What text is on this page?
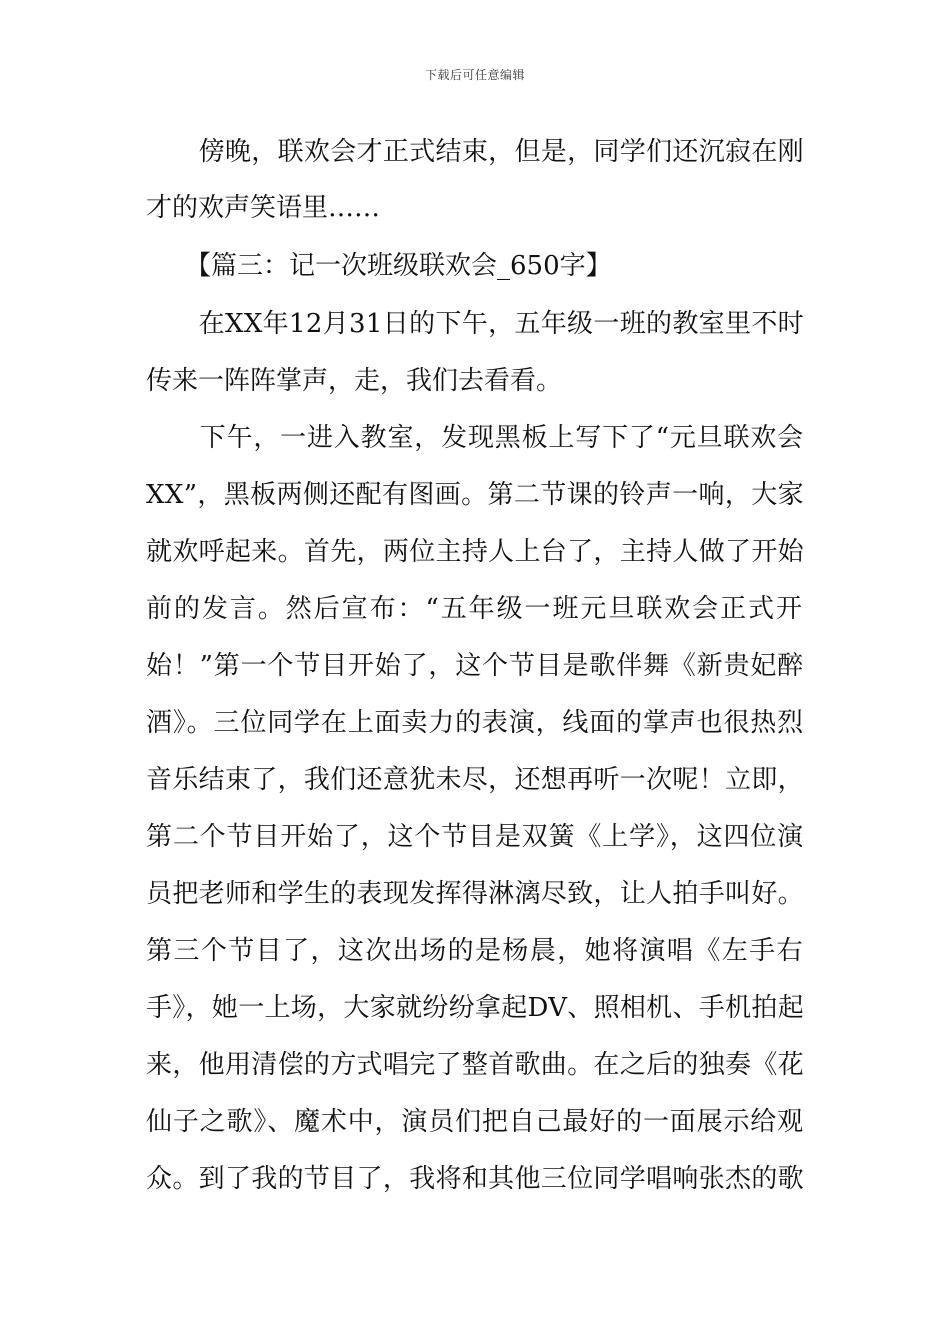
下载后可任意编辑
　　傍晚，联欢会才正式结束，但是，同学们还沉寂在刚
才的欢声笑语里……
　　【篇三：记一次班级联欢会_650字】
　　在XX年12月31日的下午，五年级一班的教室里不时
传来一阵阵掌声，走，我们去看看。
　　下午，一进入教室，发现黑板上写下了“元旦联欢会
XX”，黑板两侧还配有图画。第二节课的铃声一响，大家
就欢呼起来。首先，两位主持人上台了，主持人做了开始
前的发言。然后宣布：“五年级一班元旦联欢会正式开
始！”第一个节目开始了，这个节目是歌伴舞《新贵妃醉
酒》。三位同学在上面卖力的表演，线面的掌声也很热烈
音乐结束了，我们还意犹未尽，还想再听一次呢！立即，
第二个节目开始了，这个节目是双簧《上学》，这四位演
员把老师和学生的表现发挥得淋漓尽致，让人拍手叫好。
第三个节目了，这次出场的是杨晨，她将演唱《左手右
手》，她一上场，大家就纷纷拿起DV、照相机、手机拍起
来，他用清偿的方式唱完了整首歌曲。在之后的独奏《花
仙子之歌》、魔术中，演员们把自己最好的一面展示给观
众。到了我的节目了，我将和其他三位同学唱响张杰的歌
